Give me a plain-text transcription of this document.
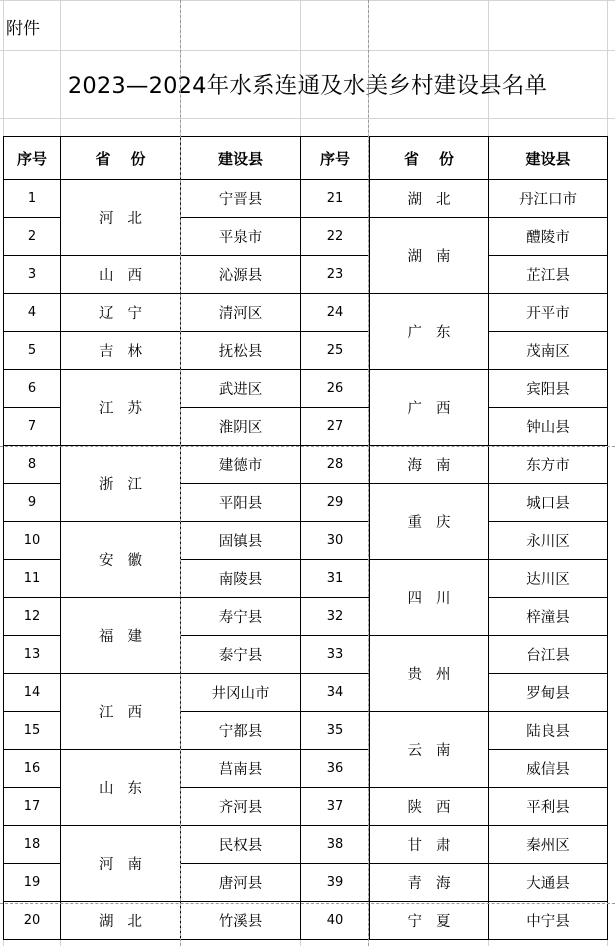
附件
2023—2024年水系连通及水美乡村建设县名单
序号	省份	建设县	序号	省份	建设县
1	河北	宁晋县	21	湖北	丹江口市
2		平泉市	22	湖南	醴陵市
3	山西	沁源县	23		芷江县
4	辽宁	清河区	24	广东	开平市
5	吉林	抚松县	25		茂南区
6	江苏	武进区	26	广西	宾阳县
7		淮阴区	27		钟山县
8	浙江	建德市	28	海南	东方市
9		平阳县	29	重庆	城口县
10	安徽	固镇县	30		永川区
11		南陵县	31	四川	达川区
12	福建	寿宁县	32		梓潼县
13		泰宁县	33	贵州	台江县
14	江西	井冈山市	34		罗甸县
15		宁都县	35	云南	陆良县
16	山东	莒南县	36		威信县
17		齐河县	37	陕西	平利县
18	河南	民权县	38	甘肃	秦州区
19		唐河县	39	青海	大通县
20	湖北	竹溪县	40	宁夏	中宁县
